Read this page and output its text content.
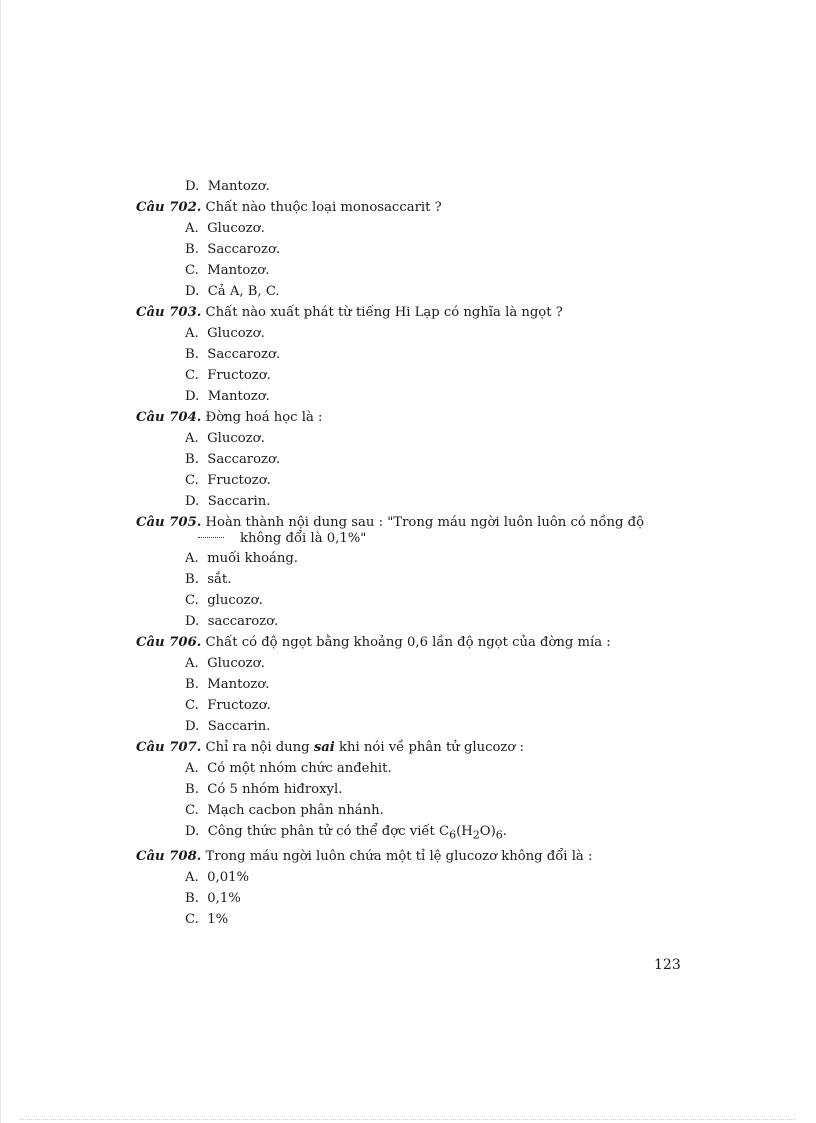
D. Mantozơ.
Câu 702. Chất nào thuộc loại monosaccarit ?
A. Glucozơ.
B. Saccarozơ.
C. Mantozơ.
D. Cả A, B, C.
Câu 703. Chất nào xuất phát từ tiếng Hi Lạp có nghĩa là ngọt ?
A. Glucozơ.
B. Saccarozơ.
C. Fructozơ.
D. Mantozơ.
Câu 704. Đờng hoá học là :
A. Glucozơ.
B. Saccarozơ.
C. Fructozơ.
D. Saccarin.
Câu 705. Hoàn thành nội dung sau : "Trong máu ngời luôn luôn có nồng độ
không đổi là 0,1%"
A. muối khoáng.
B. sắt.
C. glucozơ.
D. saccarozơ.
Câu 706. Chất có độ ngọt bằng khoảng 0,6 lần độ ngọt của đờng mía :
A. Glucozơ.
B. Mantozơ.
C. Fructozơ.
D. Saccarin.
Câu 707. Chỉ ra nội dung sai khi nói về phân tử glucozơ :
A. Có một nhóm chức anđehit.
B. Có 5 nhóm hiđroxyl.
C. Mạch cacbon phân nhánh.
D. Công thức phân tử có thể đợc viết $C_6(H_2O)_6$.
Câu 708. Trong máu ngời luôn chứa một tỉ lệ glucozơ không đổi là :
A. 0,01%
B. 0,1%
C. 1%
123
